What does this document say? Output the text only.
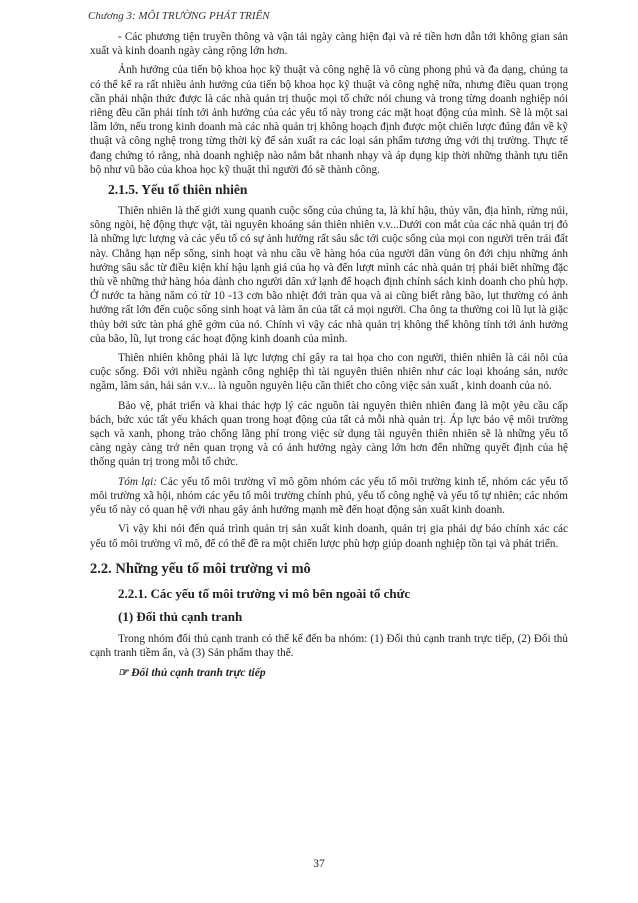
Chương 3: MÔI TRƯỜNG PHÁT TRIỂN

- Các phương tiện truyền thông và vận tải ngày càng hiện đại và rẻ tiền hơn dẫn tới không gian sản xuất và kinh doanh ngày càng rộng lớn hơn.

Ảnh hưởng của tiến bộ khoa học kỹ thuật và công nghệ là vô cùng phong phú và đa dạng, chúng ta có thể kể ra rất nhiều ảnh hưởng của tiến bộ khoa học kỹ thuật và công nghệ nữa, nhưng điều quan trọng cần phải nhận thức được là các nhà quản trị thuộc mọi tổ chức nói chung và trong từng doanh nghiệp nói riêng đều cần phải tính tới ảnh hưởng của các yếu tố này trong các mặt hoạt động của mình. Sẽ là một sai lầm lớn, nếu trong kinh doanh mà các nhà quản trị không hoạch định được một chiến lược đúng đắn về kỹ thuật và công nghệ trong từng thời kỳ để sản xuất ra các loại sản phẩm tương ứng với thị trường. Thực tế đang chứng tỏ rằng, nhà doanh nghiệp nào nắm bắt nhanh nhạy và áp dụng kịp thời những thành tựu tiến bộ như vũ bão của khoa học kỹ thuật thì người đó sẽ thành công.

2.1.5. Yếu tố thiên nhiên

Thiên nhiên là thế giới xung quanh cuộc sống của chúng ta, là khí hậu, thủy văn, địa hình, rừng núi, sông ngòi, hệ động thực vật, tài nguyên khoáng sản thiên nhiên v.v...Dưới con mắt của các nhà quản trị đó là những lực lượng và các yếu tố có sự ảnh hưởng rất sâu sắc tới cuộc sống của mọi con người trên trái đất này. Chẳng hạn nếp sống, sinh hoạt và nhu cầu về hàng hóa của người dân vùng ôn đới chịu những ảnh hưởng sâu sắc từ điều kiện khí hậu lạnh giá của họ và đến lượt mình các nhà quản trị phải biết những đặc thù về những thứ hàng hóa dành cho người dân xứ lạnh để hoạch định chính sách kinh doanh cho phù hợp. Ở nước ta hàng năm có từ 10 -13 cơn bão nhiệt đới tràn qua và ai cũng biết rằng bão, lụt thường có ảnh hưởng rất lớn đến cuộc sống sinh hoạt và làm ăn của tất cả mọi người. Cha ông ta thường coi lũ lụt là giặc thủy bởi sức tàn phá ghê gớm của nó. Chính vì vậy các nhà quản trị không thể không tính tới ảnh hưởng của bão, lũ, lụt trong các hoạt động kinh doanh của mình.

Thiên nhiên không phải là lực lượng chỉ gây ra tai họa cho con người, thiên nhiên là cái nôi của cuộc sống. Đối với nhiều ngành công nghiệp thì tài nguyên thiên nhiên như các loại khoáng sản, nước ngầm, lâm sản, hải sản v.v... là nguồn nguyên liệu cần thiết cho công việc sản xuất , kinh doanh của nó.

Bảo vệ, phát triển và khai thác hợp lý các nguồn tài nguyên thiên nhiên đang là một yêu cầu cấp bách, bức xúc tất yếu khách quan trong hoạt động của tất cả mỗi nhà quản trị. Áp lực bảo vệ môi trường sạch và xanh, phong trào chống lãng phí trong việc sử dụng tài nguyên thiên nhiên sẽ là những yếu tố càng ngày càng trở nên quan trọng và có ảnh hưởng ngày càng lớn hơn đến những quyết định của hệ thống quản trị trong mỗi tổ chức.

Tóm lại: Các yếu tố môi trường vĩ mô gồm nhóm các yếu tố môi trường kinh tế, nhóm các yếu tố môi trường xã hội, nhóm các yếu tố môi trường chính phủ, yếu tố công nghệ và yếu tố tự nhiên; các nhóm yếu tố này có quan hệ với nhau gây ảnh hưởng mạnh mẽ đến hoạt động sản xuất kinh doanh.

Vì vậy khi nói đến quá trình quản trị sản xuất kinh doanh, quản trị gia phải dự báo chính xác các yếu tố môi trường vĩ mô, để có thể đề ra một chiến lược phù hợp giúp doanh nghiệp tồn tại và phát triển.

2.2. Những yếu tố môi trường vi mô
2.2.1. Các yếu tố môi trường vi mô bên ngoài tổ chức
(1) Đối thủ cạnh tranh

Trong nhóm đối thủ cạnh tranh có thể kể đến ba nhóm: (1) Đối thủ cạnh tranh trực tiếp, (2) Đối thủ cạnh tranh tiềm ẩn, và (3) Sản phẩm thay thế.

☞ Đối thủ cạnh tranh trực tiếp
37
